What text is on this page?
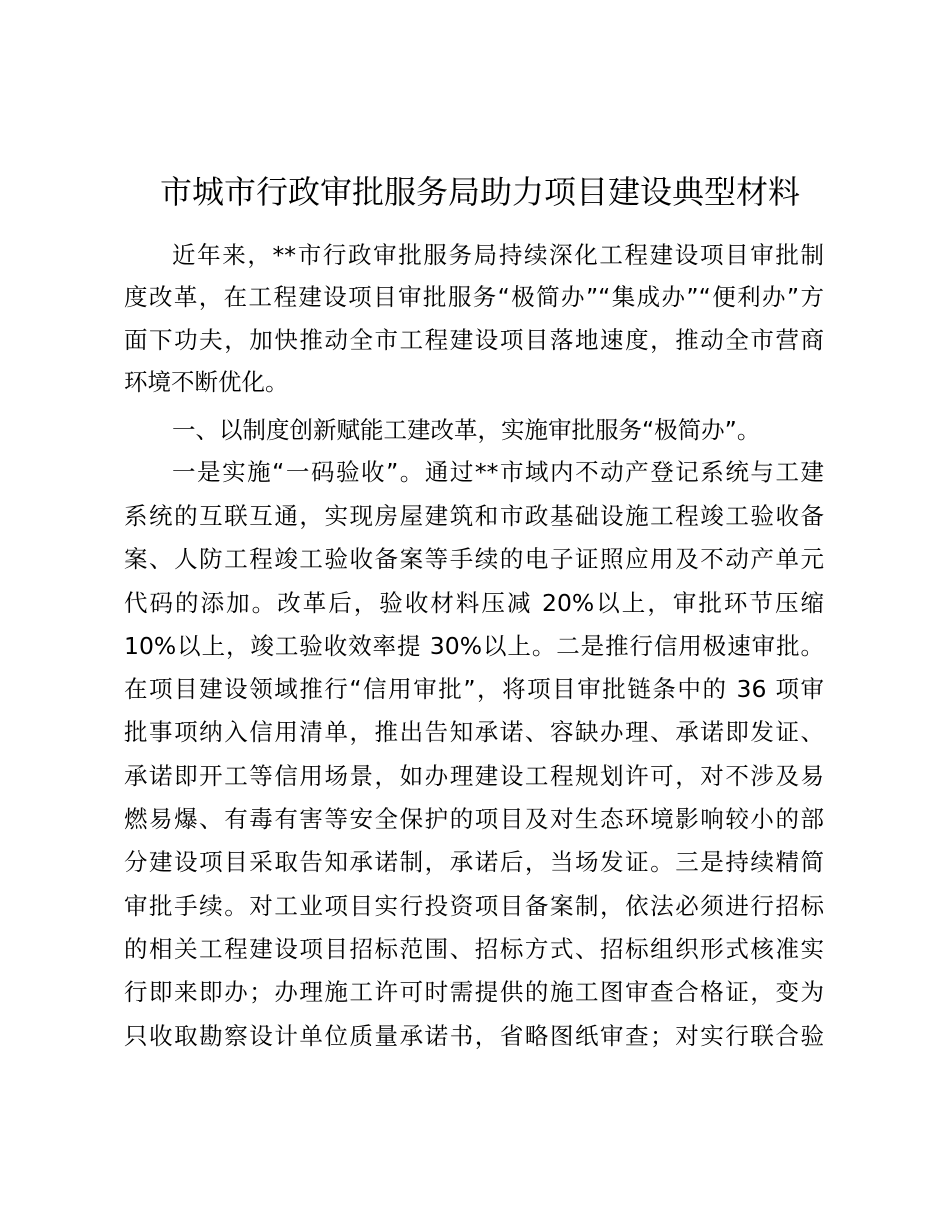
市城市行政审批服务局助力项目建设典型材料
近年来，**市行政审批服务局持续深化工程建设项目审批制
度改革，在工程建设项目审批服务“极简办”“集成办”“便利办”方
面下功夫，加快推动全市工程建设项目落地速度，推动全市营商
环境不断优化。
一、以制度创新赋能工建改革，实施审批服务“极简办”。
一是实施“一码验收”。通过**市域内不动产登记系统与工建
系统的互联互通，实现房屋建筑和市政基础设施工程竣工验收备
案、人防工程竣工验收备案等手续的电子证照应用及不动产单元
代码的添加。改革后，验收材料压减 20%以上，审批环节压缩
10%以上，竣工验收效率提 30%以上。二是推行信用极速审批。
在项目建设领域推行“信用审批”，将项目审批链条中的 36 项审
批事项纳入信用清单，推出告知承诺、容缺办理、承诺即发证、
承诺即开工等信用场景，如办理建设工程规划许可，对不涉及易
燃易爆、有毒有害等安全保护的项目及对生态环境影响较小的部
分建设项目采取告知承诺制，承诺后，当场发证。三是持续精简
审批手续。对工业项目实行投资项目备案制，依法必须进行招标
的相关工程建设项目招标范围、招标方式、招标组织形式核准实
行即来即办；办理施工许可时需提供的施工图审查合格证，变为
只收取勘察设计单位质量承诺书，省略图纸审查；对实行联合验
